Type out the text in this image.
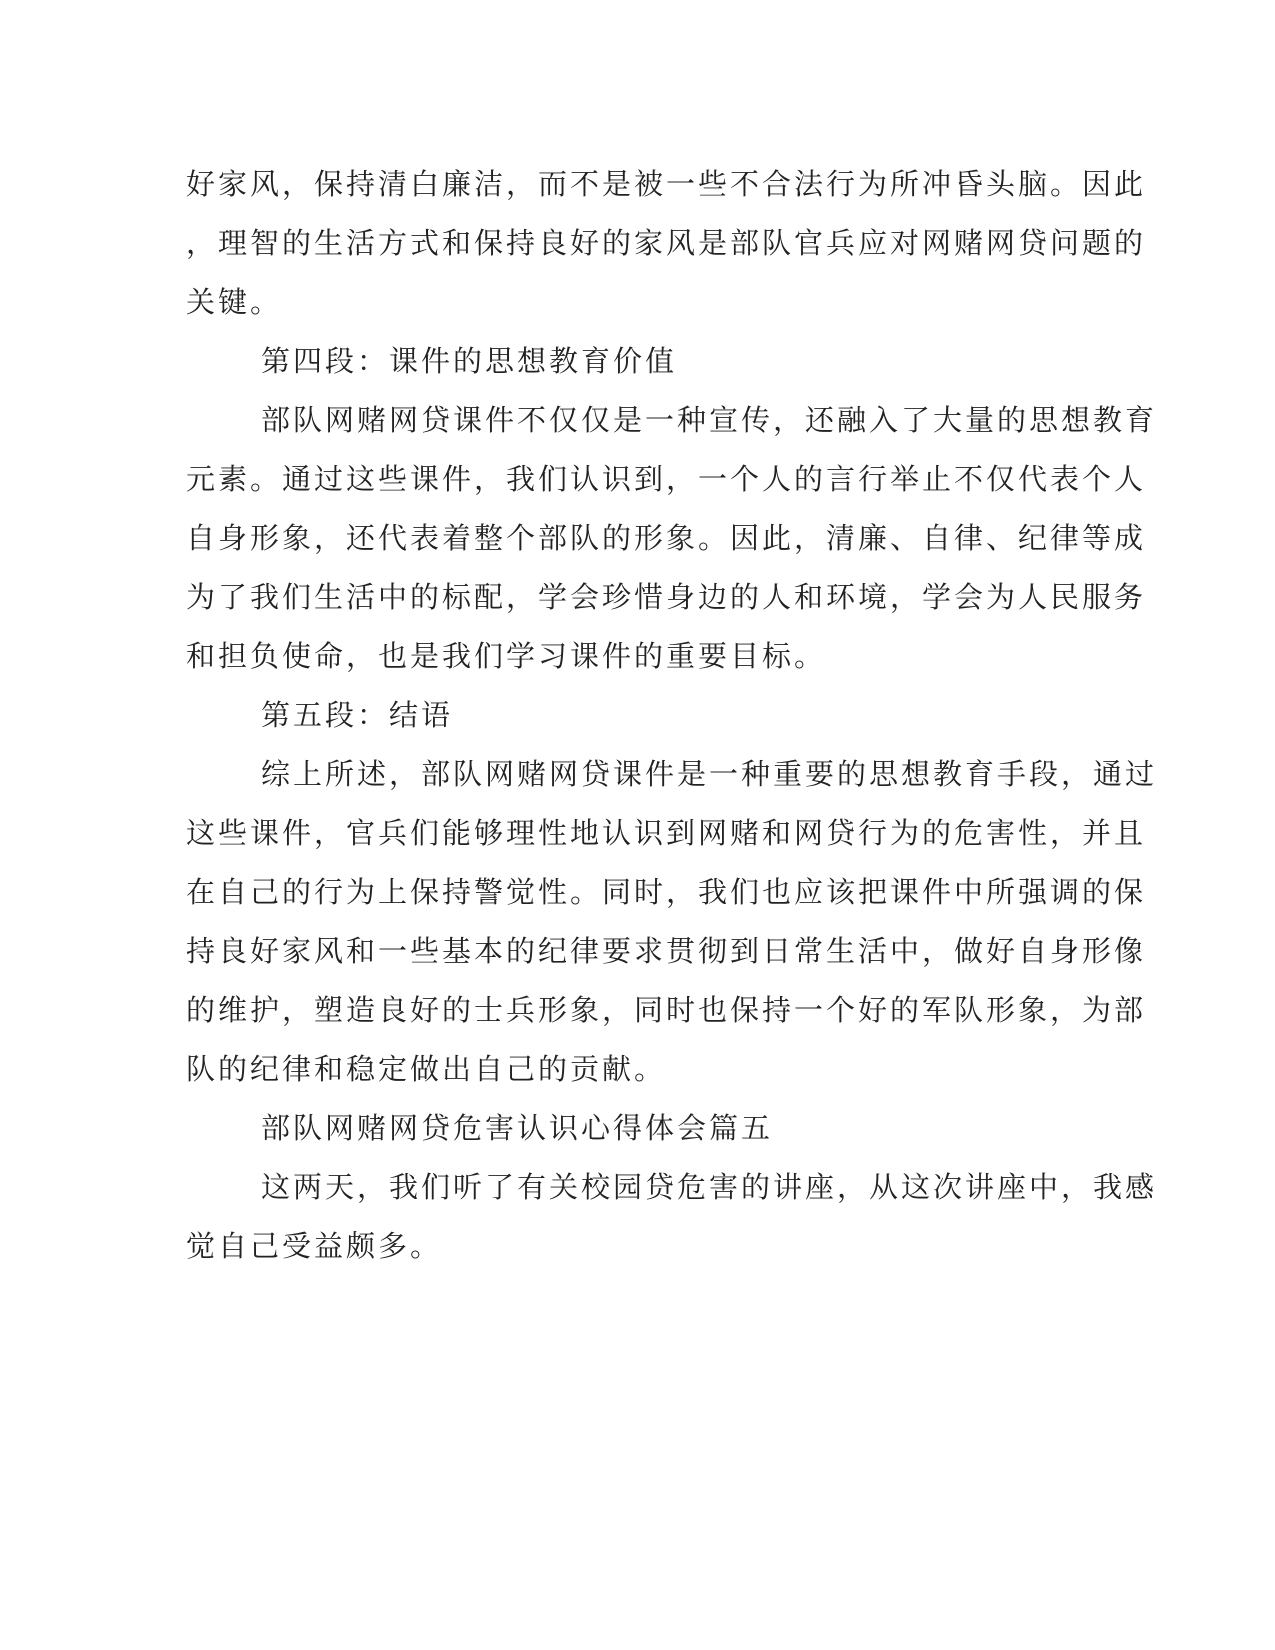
好家风，保持清白廉洁，而不是被一些不合法行为所冲昏头脑。因此
，理智的生活方式和保持良好的家风是部队官兵应对网赌网贷问题的
关键。
第四段：课件的思想教育价值
部队网赌网贷课件不仅仅是一种宣传，还融入了大量的思想教育
元素。通过这些课件，我们认识到，一个人的言行举止不仅代表个人
自身形象，还代表着整个部队的形象。因此，清廉、自律、纪律等成
为了我们生活中的标配，学会珍惜身边的人和环境，学会为人民服务
和担负使命，也是我们学习课件的重要目标。
第五段：结语
综上所述，部队网赌网贷课件是一种重要的思想教育手段，通过
这些课件，官兵们能够理性地认识到网赌和网贷行为的危害性，并且
在自己的行为上保持警觉性。同时，我们也应该把课件中所强调的保
持良好家风和一些基本的纪律要求贯彻到日常生活中，做好自身形像
的维护，塑造良好的士兵形象，同时也保持一个好的军队形象，为部
队的纪律和稳定做出自己的贡献。
部队网赌网贷危害认识心得体会篇五
这两天，我们听了有关校园贷危害的讲座，从这次讲座中，我感
觉自己受益颇多。
